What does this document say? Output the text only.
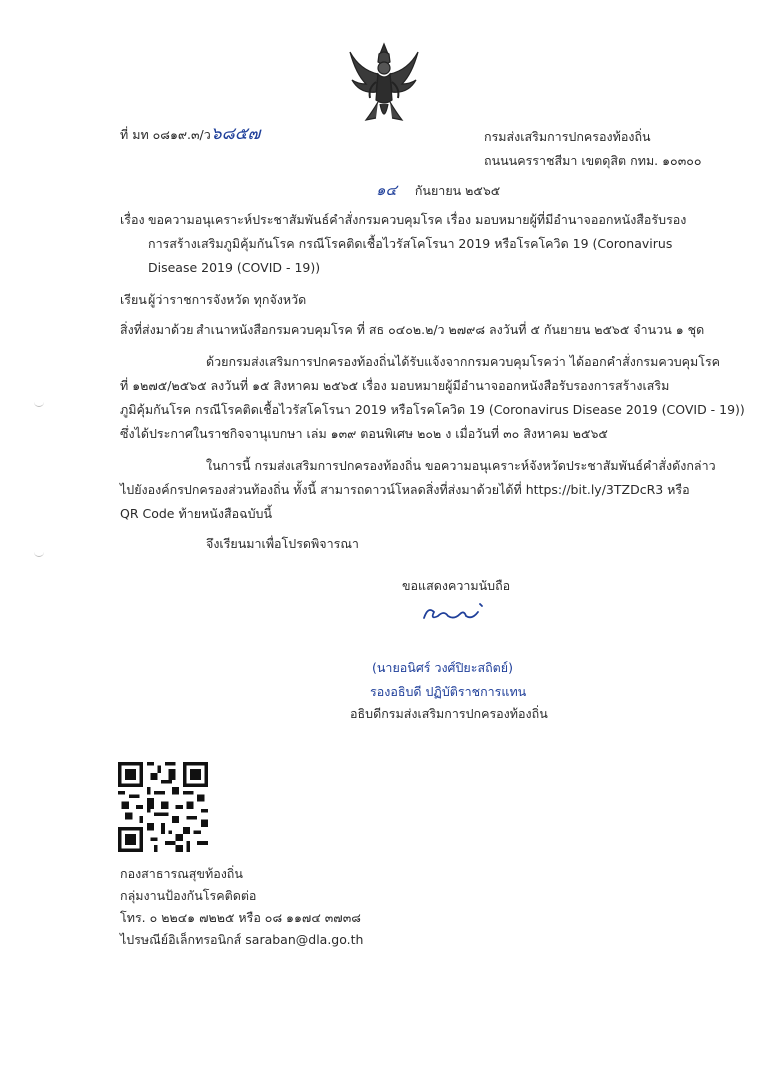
ที่ มท ๐๘๑๙.๓/ว๖๘๕๗	กรมส่งเสริมการปกครองท้องถิ่น
ถนนนครราชสีมา เขตดุสิต กทม. ๑๐๓๐๐
๑๔ กันยายน ๒๕๖๕
เรื่อง ขอความอนุเคราะห์ประชาสัมพันธ์คำสั่งกรมควบคุมโรค เรื่อง มอบหมายผู้ที่มีอำนาจออกหนังสือรับรอง
การสร้างเสริมภูมิคุ้มกันโรค กรณีโรคติดเชื้อไวรัสโคโรนา 2019 หรือโรคโควิด 19 (Coronavirus
Disease 2019 (COVID - 19))
เรียน ผู้ว่าราชการจังหวัด ทุกจังหวัด
สิ่งที่ส่งมาด้วย สำเนาหนังสือกรมควบคุมโรค ที่ สธ ๐๔๐๒.๒/ว ๒๗๙๘ ลงวันที่ ๕ กันยายน ๒๕๖๕ จำนวน ๑ ชุด
ด้วยกรมส่งเสริมการปกครองท้องถิ่นได้รับแจ้งจากกรมควบคุมโรคว่า ได้ออกคำสั่งกรมควบคุมโรค
ที่ ๑๒๗๕/๒๕๖๕ ลงวันที่ ๑๕ สิงหาคม ๒๕๖๕ เรื่อง มอบหมายผู้มีอำนาจออกหนังสือรับรองการสร้างเสริม
ภูมิคุ้มกันโรค กรณีโรคติดเชื้อไวรัสโคโรนา 2019 หรือโรคโควิด 19 (Coronavirus Disease 2019 (COVID - 19))
ซึ่งได้ประกาศในราชกิจจานุเบกษา เล่ม ๑๓๙ ตอนพิเศษ ๒๐๒ ง เมื่อวันที่ ๓๐ สิงหาคม ๒๕๖๕
ในการนี้ กรมส่งเสริมการปกครองท้องถิ่น ขอความอนุเคราะห์จังหวัดประชาสัมพันธ์คำสั่งดังกล่าว
ไปยังองค์กรปกครองส่วนท้องถิ่น ทั้งนี้ สามารถดาวน์โหลดสิ่งที่ส่งมาด้วยได้ที่ https://bit.ly/3TZDcR3 หรือ
QR Code ท้ายหนังสือฉบับนี้
จึงเรียนมาเพื่อโปรดพิจารณา
ขอแสดงความนับถือ
(นายอนิศร์ วงศ์ปิยะสถิตย์)
รองอธิบดี ปฏิบัติราชการแทน
อธิบดีกรมส่งเสริมการปกครองท้องถิ่น
กองสาธารณสุขท้องถิ่น
กลุ่มงานป้องกันโรคติดต่อ
โทร. ๐ ๒๒๔๑ ๗๒๒๕ หรือ ๐๘ ๑๑๗๔ ๓๗๓๘
ไปรษณีย์อิเล็กทรอนิกส์ saraban@dla.go.th
